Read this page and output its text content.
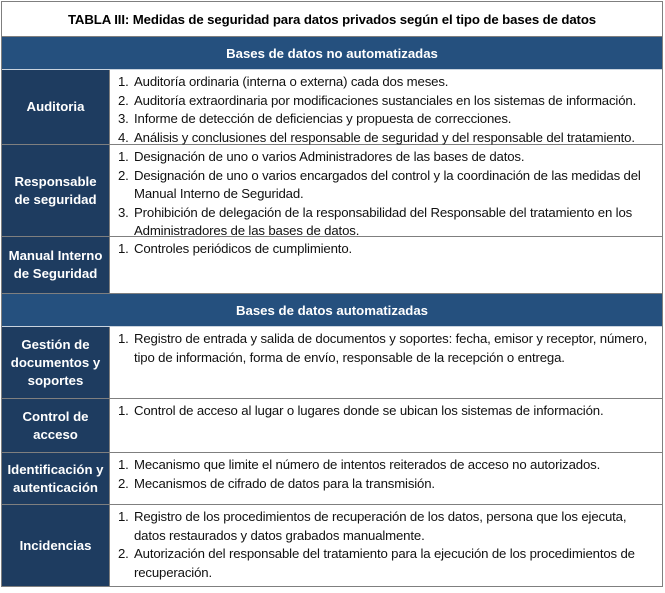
TABLA III: Medidas de seguridad para datos privados según el tipo de bases de datos
Bases de datos no automatizadas
Auditoria
1. Auditoría ordinaria (interna o externa) cada dos meses.
2. Auditoría extraordinaria por modificaciones sustanciales en los sistemas de información.
3. Informe de detección de deficiencias y propuesta de correcciones.
4. Análisis y conclusiones del responsable de seguridad y del responsable del tratamiento.
Responsable de seguridad
1. Designación de uno o varios Administradores de las bases de datos.
2. Designación de uno o varios encargados del control y la coordinación de las medidas del Manual Interno de Seguridad.
3. Prohibición de delegación de la responsabilidad del Responsable del tratamiento en los Administradores de las bases de datos.
Manual Interno de Seguridad
1. Controles periódicos de cumplimiento.
Bases de datos automatizadas
Gestión de documentos y soportes
1. Registro de entrada y salida de documentos y soportes: fecha, emisor y receptor, número, tipo de información, forma de envío, responsable de la recepción o entrega.
Control de acceso
1. Control de acceso al lugar o lugares donde se ubican los sistemas de información.
Identificación y autenticación
1. Mecanismo que limite el número de intentos reiterados de acceso no autorizados.
2. Mecanismos de cifrado de datos para la transmisión.
Incidencias
1. Registro de los procedimientos de recuperación de los datos, persona que los ejecuta, datos restaurados y datos grabados manualmente.
2. Autorización del responsable del tratamiento para la ejecución de los procedimientos de recuperación.
